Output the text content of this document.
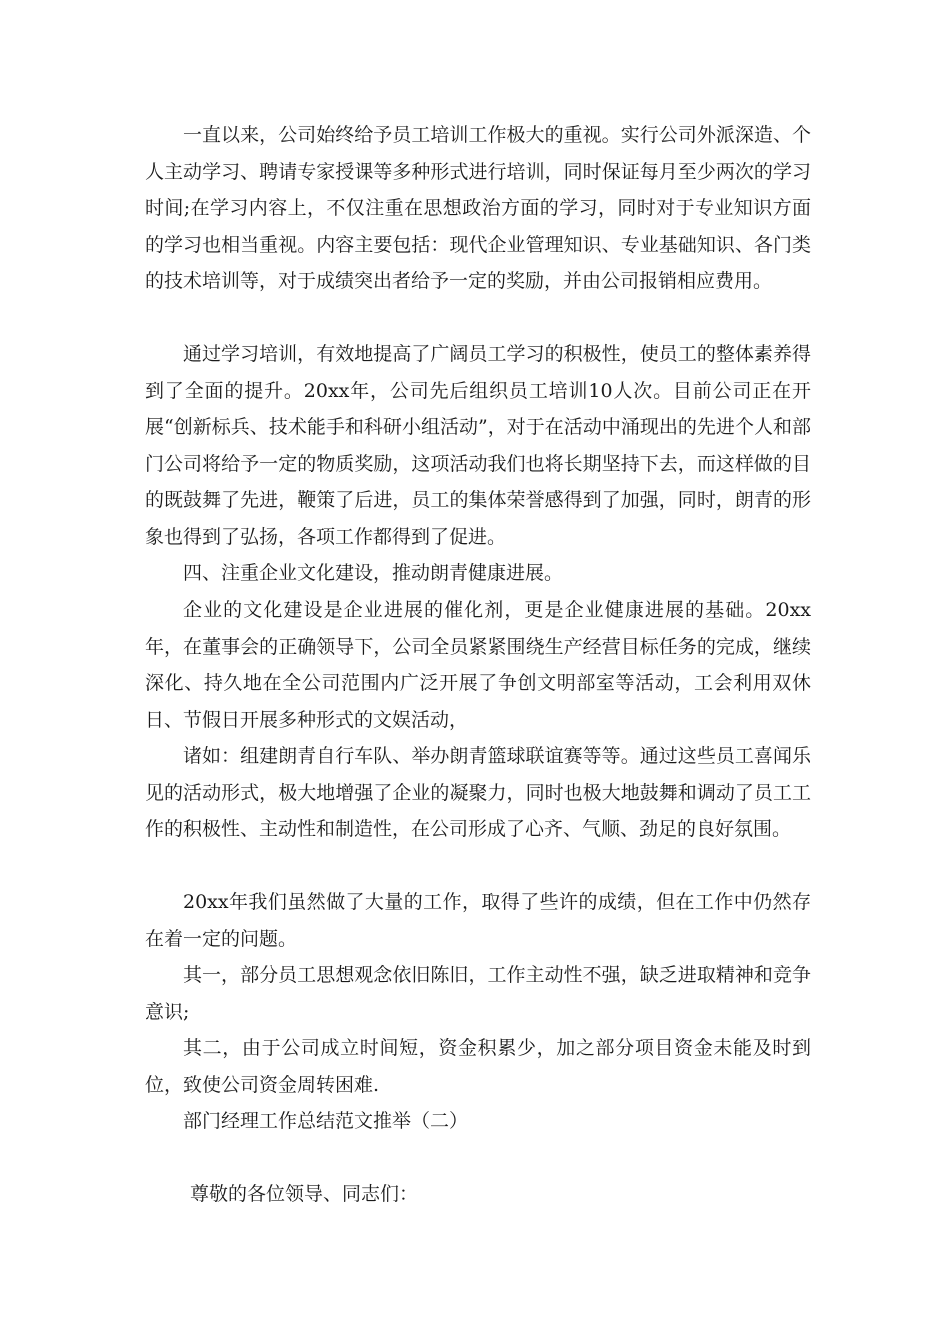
一直以来，公司始终给予员工培训工作极大的重视。实行公司外派深造、个人主动学习、聘请专家授课等多种形式进行培训，同时保证每月至少两次的学习时间;在学习内容上，不仅注重在思想政治方面的学习，同时对于专业知识方面的学习也相当重视。内容主要包括：现代企业管理知识、专业基础知识、各门类的技术培训等，对于成绩突出者给予一定的奖励，并由公司报销相应费用。

通过学习培训，有效地提高了广阔员工学习的积极性，使员工的整体素养得到了全面的提升。20xx年，公司先后组织员工培训10人次。目前公司正在开展“创新标兵、技术能手和科研小组活动”，对于在活动中涌现出的先进个人和部门公司将给予一定的物质奖励，这项活动我们也将长期坚持下去，而这样做的目的既鼓舞了先进，鞭策了后进，员工的集体荣誉感得到了加强，同时，朗青的形象也得到了弘扬，各项工作都得到了促进。

四、注重企业文化建设，推动朗青健康进展。

企业的文化建设是企业进展的催化剂，更是企业健康进展的基础。20xx年，在董事会的正确领导下，公司全员紧紧围绕生产经营目标任务的完成，继续深化、持久地在全公司范围内广泛开展了争创文明部室等活动，工会利用双休日、节假日开展多种形式的文娱活动，

诸如：组建朗青自行车队、举办朗青篮球联谊赛等等。通过这些员工喜闻乐见的活动形式，极大地增强了企业的凝聚力，同时也极大地鼓舞和调动了员工工作的积极性、主动性和制造性，在公司形成了心齐、气顺、劲足的良好氛围。

20xx年我们虽然做了大量的工作，取得了些许的成绩，但在工作中仍然存在着一定的问题。

其一，部分员工思想观念依旧陈旧，工作主动性不强，缺乏进取精神和竞争意识;

其二，由于公司成立时间短，资金积累少，加之部分项目资金未能及时到位，致使公司资金周转困难.

部门经理工作总结范文推举（二）

尊敬的各位领导、同志们：
